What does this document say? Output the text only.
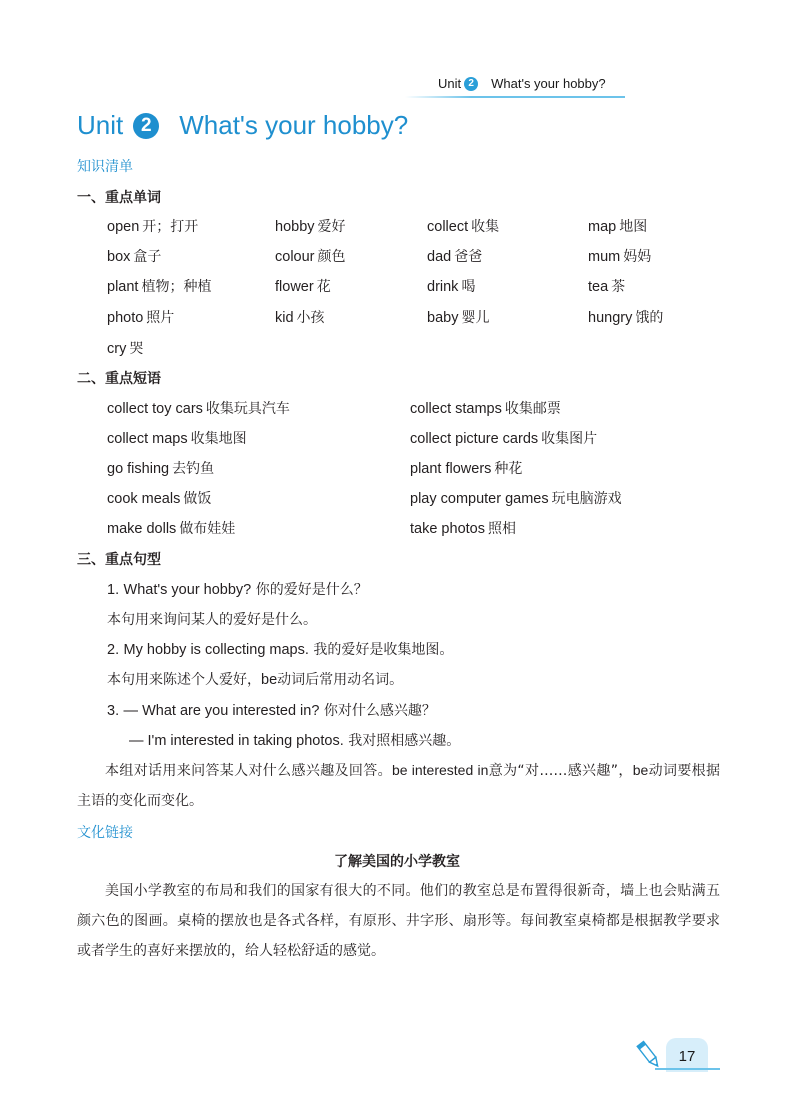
Unit 2	What's your hobby?
Unit 2 What's your hobby?
知识清单
一、重点单词
open 开；打开	hobby 爱好	collect 收集	map 地图
box 盒子	colour 颜色	dad 爸爸	mum 妈妈
plant 植物；种植	flower 花	drink 喝	tea 茶
photo 照片	kid 小孩	baby 婴儿	hungry 饿的
cry 哭
二、重点短语
collect toy cars 收集玩具汽车	collect stamps 收集邮票
collect maps 收集地图	collect picture cards 收集图片
go fishing 去钓鱼	plant flowers 种花
cook meals 做饭	play computer games 玩电脑游戏
make dolls 做布娃娃	take photos 照相
三、重点句型
1. What's your hobby? 你的爱好是什么？
本句用来询问某人的爱好是什么。
2. My hobby is collecting maps. 我的爱好是收集地图。
本句用来陈述个人爱好，be动词后常用动名词。
3. — What are you interested in? 你对什么感兴趣？
— I'm interested in taking photos. 我对照相感兴趣。
本组对话用来问答某人对什么感兴趣及回答。be interested in意为“对……感兴趣”，be动词要根据主语的变化而变化。
文化链接
了解美国的小学教室
美国小学教室的布局和我们的国家有很大的不同。他们的教室总是布置得很新奇，墙上也会贴满五颜六色的图画。桌椅的摆放也是各式各样，有原形、井字形、扇形等。每间教室桌椅都是根据教学要求或者学生的喜好来摆放的，给人轻松舒适的感觉。
17
